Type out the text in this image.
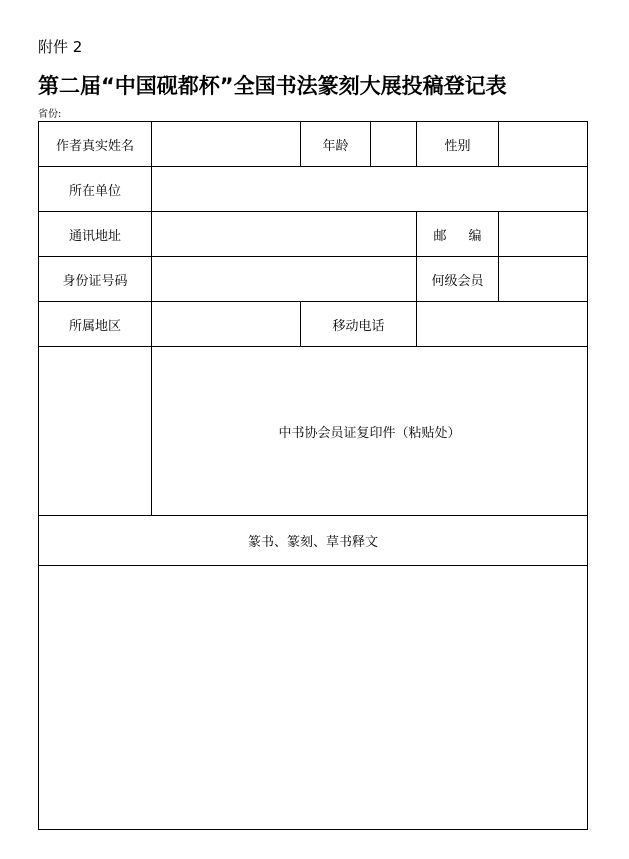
附件 2
第二届“中国砚都杯”全国书法篆刻大展投稿登记表
省份:
作者真实姓名		年龄		性别	
所在单位					
通讯地址				邮 编	
身份证号码				何级会员	
所属地区		移动电话			
	中书协会员证复印件（粘贴处）				
篆书、篆刻、草书释文					
